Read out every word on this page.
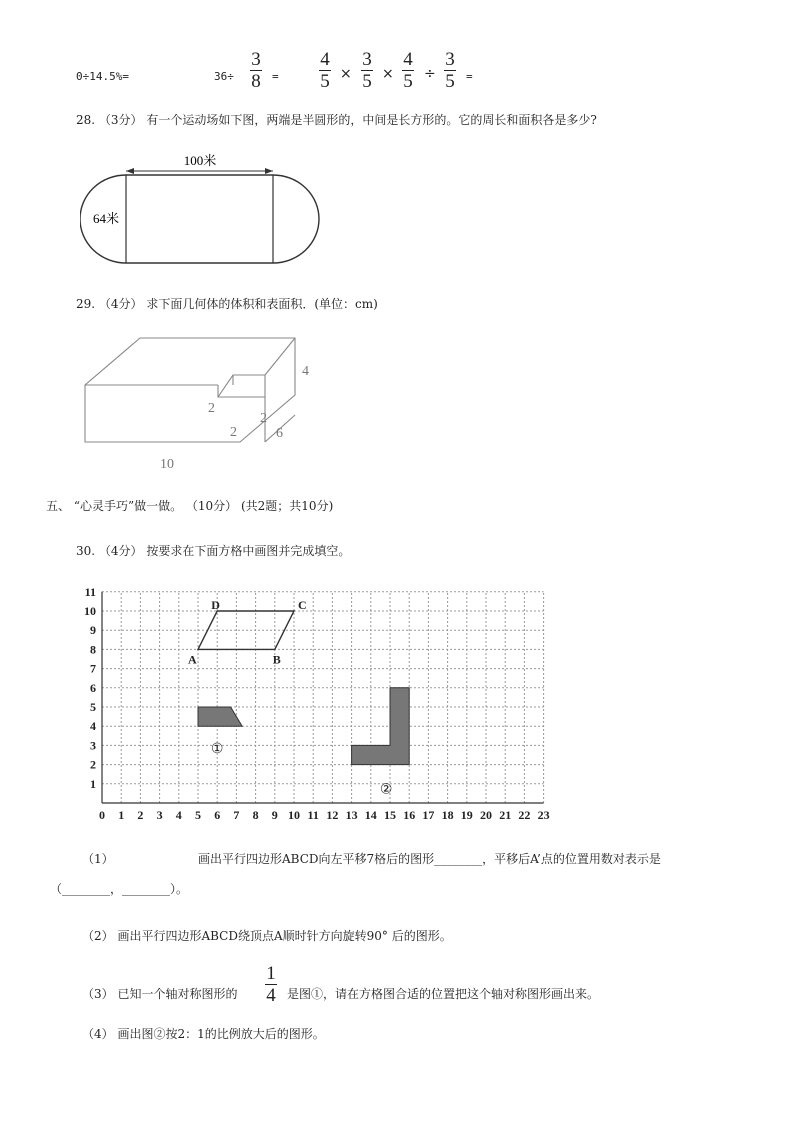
0÷14.5%=	36÷
3
8 =
4
5 ×
3
5 ×
4
5 ÷
3
5 =
28. （3分） 有一个运动场如下图，两端是半圆形的，中间是长方形的。它的周长和面积各是多少?
100米
64米
29. （4分） 求下面几何体的体积和表面积．(单位：cm)
4
6
10
2
2
2
五、 “心灵手巧”做一做。 （10分） (共2题；共10分)
30. （4分） 按要求在下面方格中画图并完成填空。
0 1 2 3 4 5 6 7 8 9 10 11 12 13 14 15 16 17 18 19 20 21 22 23
1
2
3
4
5
6
7
8
9
10
11
A	B
C
D
①
②
（1）	画出平行四边形ABCD向左平移7格后的图形________，平移后A’点的位置用数对表示是
（________，________）。
（2） 画出平行四边形ABCD绕顶点A顺时针方向旋转90° 后的图形。
（3） 已知一个轴对称图形的
1
4 是图①，请在方格图合适的位置把这个轴对称图形画出来。
（4） 画出图②按2：1的比例放大后的图形。
